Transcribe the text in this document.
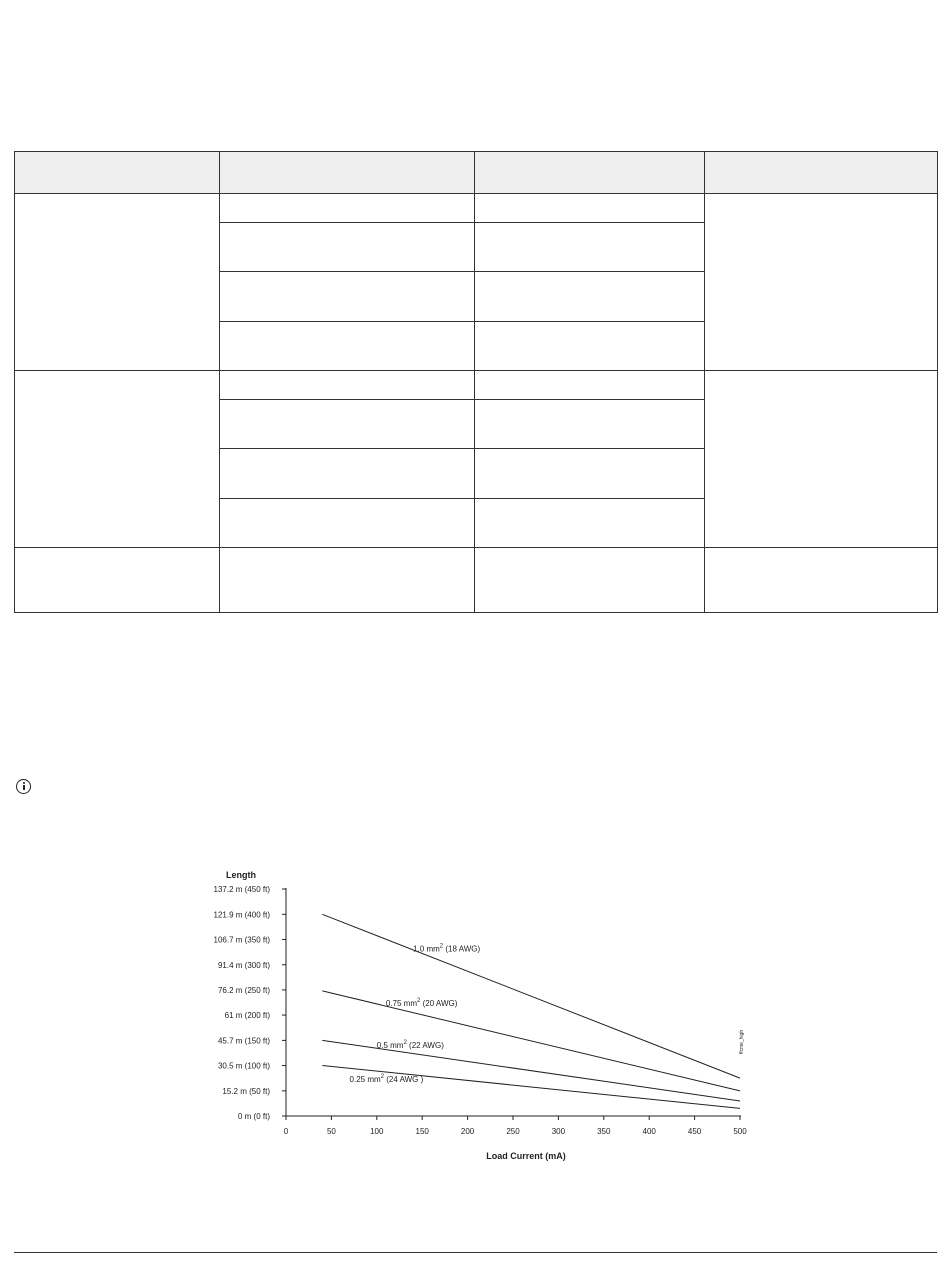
Length
Load Current (mA)
0 m (0 ft)
15.2 m (50 ft)
30.5 m (100 ft)
45.7 m (150 ft)
61 m (200 ft)
76.2 m (250 ft)
91.4 m (300 ft)
106.7 m (350 ft)
121.9 m (400 ft)
137.2 m (450 ft)
0	50	100	150	200	250	300	350	400	450	500
1.0 $mm^2$ (18 AWG)
0.75 $mm^2$ (20 AWG)
0.5 $mm^2$ (22 AWG)
0.25 $mm^2$ (24 AWG )
ffcme_high
